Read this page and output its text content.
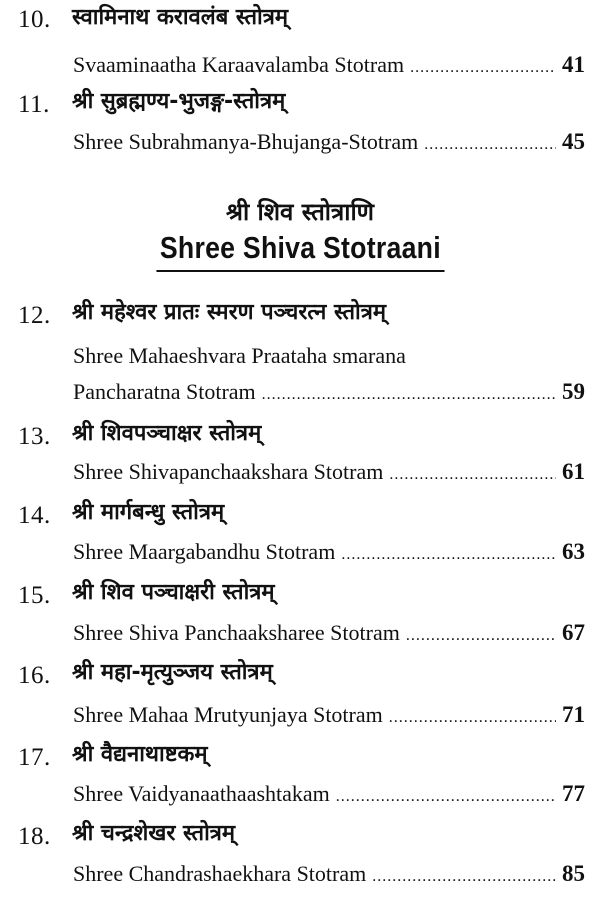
10. स्वामिनाथ करावलंब स्तोत्रम्
Svaaminaatha Karaavalamba Stotram .....	41
11. श्री सुब्रह्मण्य-भुजङ्ग-स्तोत्रम्
Shree Subrahmanya-Bhujanga-Stotram .....	45
श्री शिव स्तोत्राणि
Shree Shiva Stotraani
12. श्री महेश्वर प्रातः स्मरण पञ्चरत्न स्तोत्रम्
Shree Mahaeshvara Praataha smarana
Pancharatna Stotram .....	59
13. श्री शिवपञ्चाक्षर स्तोत्रम्
Shree Shivapanchaakshara Stotram .....	61
14. श्री मार्गबन्धु स्तोत्रम्
Shree Maargabandhu Stotram .....	63
15. श्री शिव पञ्चाक्षरी स्तोत्रम्
Shree Shiva Panchaaksharee Stotram .....	67
16. श्री महा-मृत्युञ्जय स्तोत्रम्
Shree Mahaa Mrutyunjaya Stotram .....	71
17. श्री वैद्यनाथाष्टकम्
Shree Vaidyanaathaashtakam .....	77
18. श्री चन्द्रशेखर स्तोत्रम्
Shree Chandrashaekhara Stotram .....	85
